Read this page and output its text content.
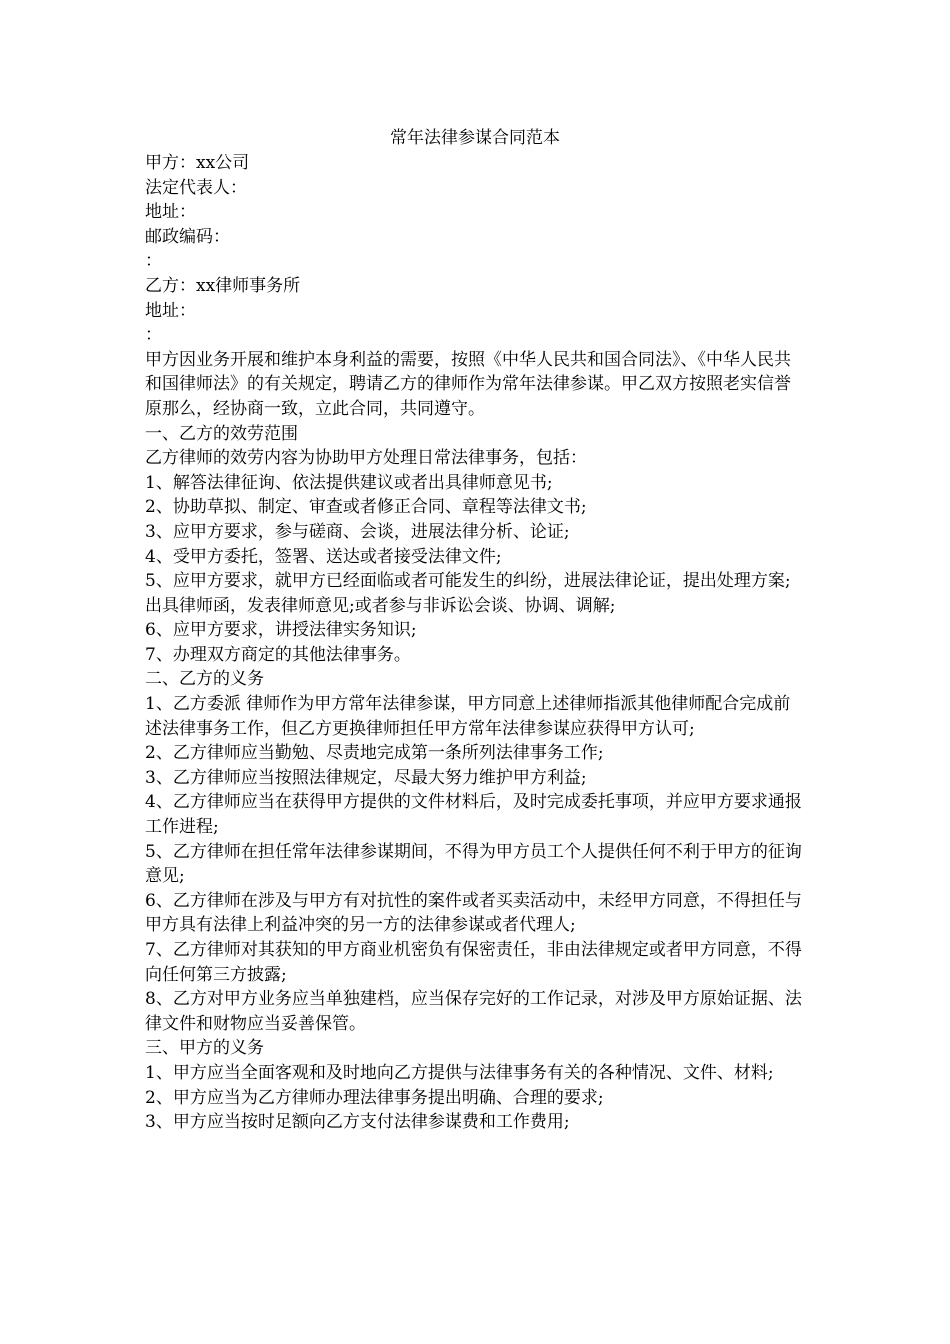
常年法律参谋合同范本

甲方：xx公司

法定代表人：

地址：

邮政编码：

：

乙方：xx律师事务所

地址：

：

甲方因业务开展和维护本身利益的需要，按照《中华人民共和国合同法》、《中华人民共和国律师法》的有关规定，聘请乙方的律师作为常年法律参谋。甲乙双方按照老实信誉原那么，经协商一致，立此合同，共同遵守。

一、乙方的效劳范围

乙方律师的效劳内容为协助甲方处理日常法律事务，包括：

1、解答法律征询、依法提供建议或者出具律师意见书;

2、协助草拟、制定、审查或者修正合同、章程等法律文书;

3、应甲方要求，参与磋商、会谈，进展法律分析、论证;

4、受甲方委托，签署、送达或者接受法律文件;

5、应甲方要求，就甲方已经面临或者可能发生的纠纷，进展法律论证，提出处理方案;出具律师函，发表律师意见;或者参与非诉讼会谈、协调、调解;

6、应甲方要求，讲授法律实务知识;

7、办理双方商定的其他法律事务。

二、乙方的义务

1、乙方委派 律师作为甲方常年法律参谋，甲方同意上述律师指派其他律师配合完成前述法律事务工作，但乙方更换律师担任甲方常年法律参谋应获得甲方认可;

2、乙方律师应当勤勉、尽责地完成第一条所列法律事务工作;

3、乙方律师应当按照法律规定，尽最大努力维护甲方利益;

4、乙方律师应当在获得甲方提供的文件材料后，及时完成委托事项，并应甲方要求通报工作进程;

5、乙方律师在担任常年法律参谋期间，不得为甲方员工个人提供任何不利于甲方的征询意见;

6、乙方律师在涉及与甲方有对抗性的案件或者买卖活动中，未经甲方同意，不得担任与甲方具有法律上利益冲突的另一方的法律参谋或者代理人;

7、乙方律师对其获知的甲方商业机密负有保密责任，非由法律规定或者甲方同意，不得向任何第三方披露;

8、乙方对甲方业务应当单独建档，应当保存完好的工作记录，对涉及甲方原始证据、法律文件和财物应当妥善保管。

三、甲方的义务

1、甲方应当全面客观和及时地向乙方提供与法律事务有关的各种情况、文件、材料;

2、甲方应当为乙方律师办理法律事务提出明确、合理的要求;

3、甲方应当按时足额向乙方支付法律参谋费和工作费用;
